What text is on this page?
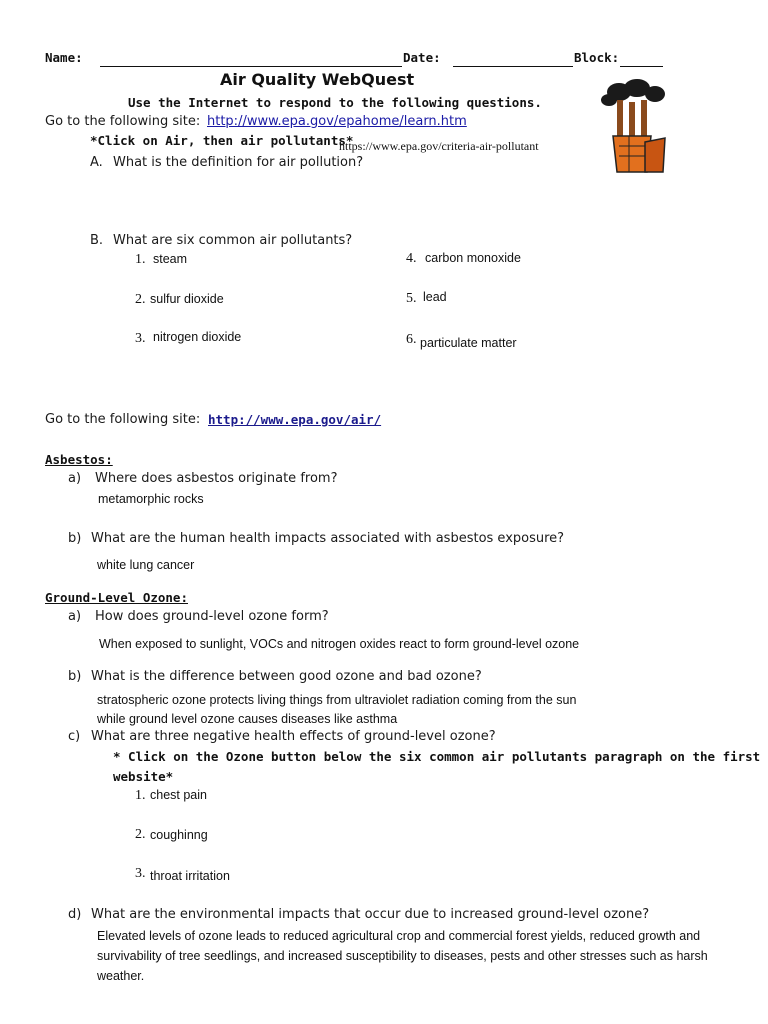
Name:	Date:	Block:
Air Quality WebQuest
Use the Internet to respond to the following questions.
Go to the following site: http://www.epa.gov/epahome/learn.htm
*Click on Air, then air pollutants*
https://www.epa.gov/criteria-air-pollutant
A. What is the definition for air pollution?
B. What are six common air pollutants?
1. steam
2. sulfur dioxide
3. nitrogen dioxide
4. carbon monoxide
5. lead
6. particulate matter
Go to the following site: http://www.epa.gov/air/
Asbestos:
a) Where does asbestos originate from?
metamorphic rocks
b) What are the human health impacts associated with asbestos exposure?
white lung cancer
Ground-Level Ozone:
a) How does ground-level ozone form?
When exposed to sunlight, VOCs and nitrogen oxides react to form ground-level ozone
b) What is the difference between good ozone and bad ozone?
stratospheric ozone protects living things from ultraviolet radiation coming from the sun
while ground level ozone causes diseases like asthma
c) What are three negative health effects of ground-level ozone?
* Click on the Ozone button below the six common air pollutants paragraph on the first
website*
1. chest pain
2. coughinng
3. throat irritation
d) What are the environmental impacts that occur due to increased ground-level ozone?
Elevated levels of ozone leads to reduced agricultural crop and commercial forest yields, reduced growth and survivability of tree seedlings, and increased susceptibility to diseases, pests and other stresses such as harsh weather.
